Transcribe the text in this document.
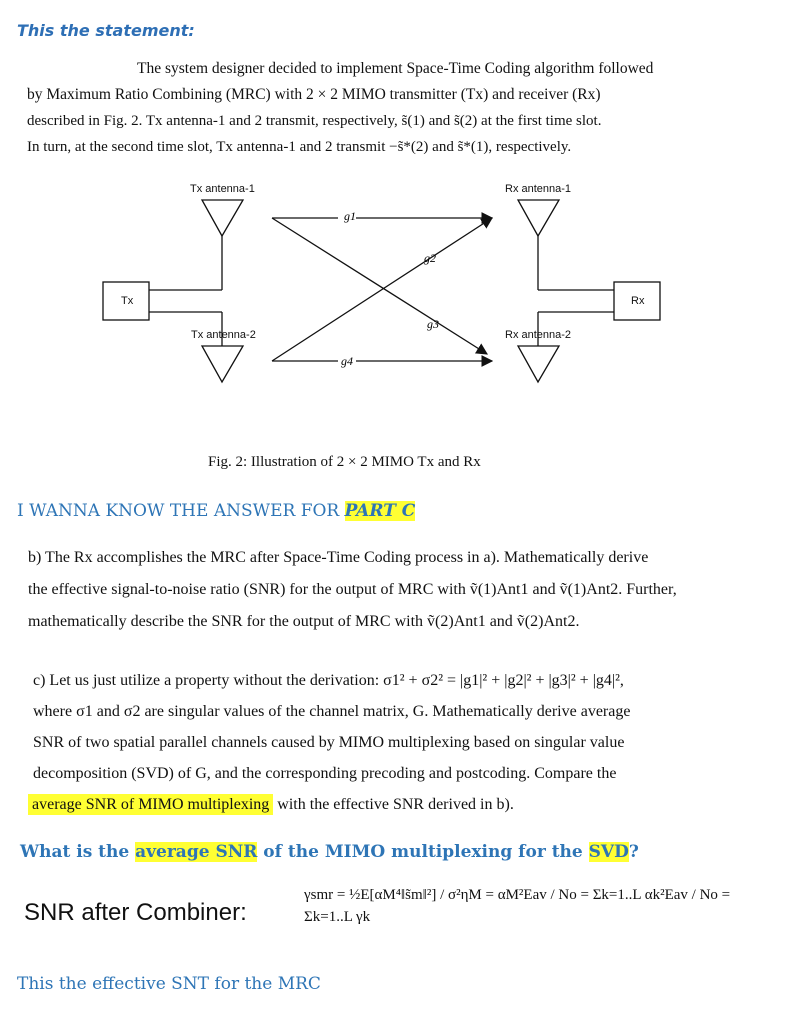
This the statement:
The system designer decided to implement Space-Time Coding algorithm followed
by Maximum Ratio Combining (MRC) with 2 × 2 MIMO transmitter (Tx) and receiver (Rx)
described in Fig. 2. Tx antenna-1 and 2 transmit, respectively, s̃(1) and s̃(2) at the first time slot.
In turn, at the second time slot, Tx antenna-1 and 2 transmit −s̃*(2) and s̃*(1), respectively.
Tx antenna-1
Tx antenna-2
Rx antenna-1
Rx antenna-2
Tx	Rx
g1
g2
g3
g4
Fig. 2: Illustration of 2 × 2 MIMO Tx and Rx
I WANNA KNOW THE ANSWER FOR PART C
b) The Rx accomplishes the MRC after Space-Time Coding process in a). Mathematically derive
the effective signal-to-noise ratio (SNR) for the output of MRC with ṽ(1)Ant1 and ṽ(1)Ant2. Further,
mathematically describe the SNR for the output of MRC with ṽ(2)Ant1 and ṽ(2)Ant2.
c) Let us just utilize a property without the derivation: σ1² + σ2² = |g1|² + |g2|² + |g3|² + |g4|²,
where σ1 and σ2 are singular values of the channel matrix, G. Mathematically derive average
SNR of two spatial parallel channels caused by MIMO multiplexing based on singular value
decomposition (SVD) of G, and the corresponding precoding and postcoding. Compare the
average SNR of MIMO multiplexing with the effective SNR derived in b).
What is the average SNR of the MIMO multiplexing for the SVD?
SNR after Combiner:
γsmr = ½E[αM⁴‖s̃m‖²] / σ²ηM = αM²Eav / No = Σk=1..L αk²Eav / No = Σk=1..L γk
This the effective SNT for the MRC
